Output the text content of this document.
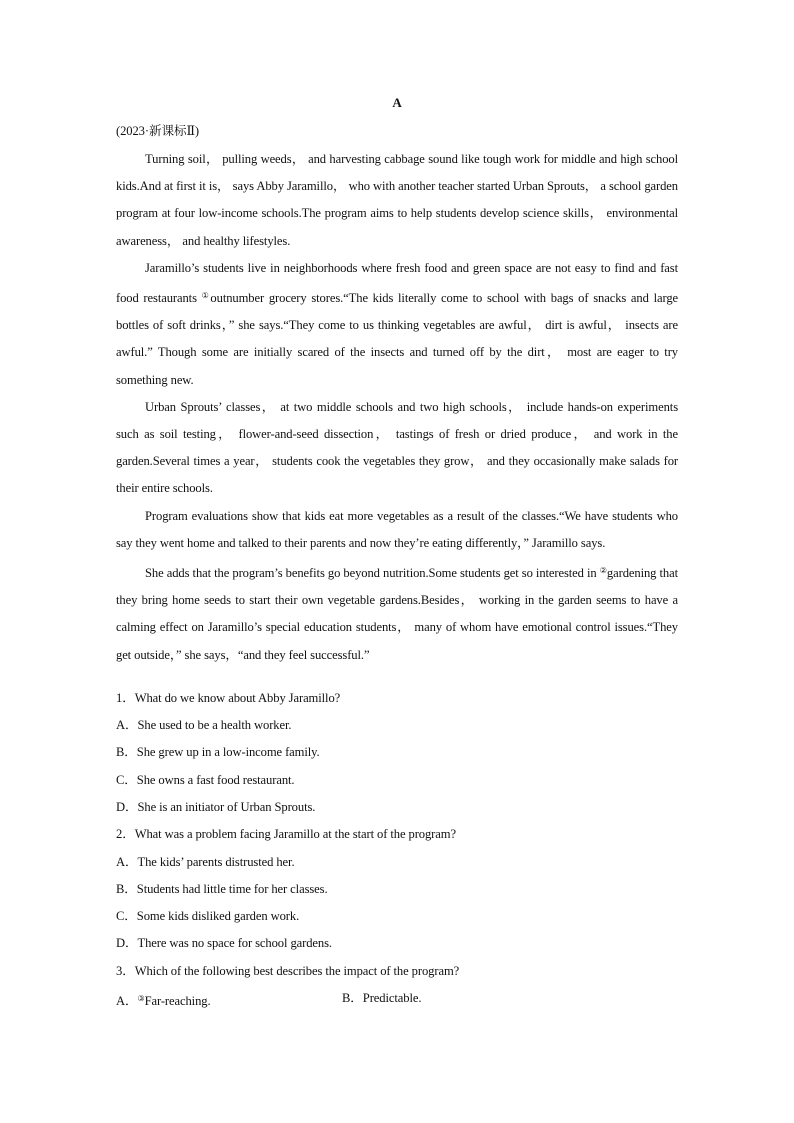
A
(2023·新课标Ⅱ)

Turning soil， pulling weeds， and harvesting cabbage sound like tough work for middle and high school kids.And at first it is， says Abby Jaramillo， who with another teacher started Urban Sprouts， a school garden program at four low-income schools.The program aims to help students develop science skills， environmental awareness， and healthy lifestyles.

Jaramillo’s students live in neighborhoods where fresh food and green space are not easy to find and fast food restaurants ①outnumber grocery stores.“The kids literally come to school with bags of snacks and large bottles of soft drinks，” she says.“They come to us thinking vegetables are awful， dirt is awful， insects are awful.” Though some are initially scared of the insects and turned off by the dirt， most are eager to try something new.

Urban Sprouts’ classes， at two middle schools and two high schools， include hands-on experiments such as soil testing， flower-and-seed dissection， tastings of fresh or dried produce， and work in the garden.Several times a year， students cook the vegetables they grow， and they occasionally make salads for their entire schools.

Program evaluations show that kids eat more vegetables as a result of the classes.“We have students who say they went home and talked to their parents and now they’re eating differently，” Jaramillo says.

She adds that the program’s benefits go beyond nutrition.Some students get so interested in ②gardening that they bring home seeds to start their own vegetable gardens.Besides， working in the garden seems to have a calming effect on Jaramillo’s special education students， many of whom have emotional control issues.“They get outside，” she says，“and they feel successful.”

1．What do we know about Abby Jaramillo?
A．She used to be a health worker.
B．She grew up in a low-income family.
C．She owns a fast food restaurant.
D．She is an initiator of Urban Sprouts.
2．What was a problem facing Jaramillo at the start of the program?
A．The kids’ parents distrusted her.
B．Students had little time for her classes.
C．Some kids disliked garden work.
D．There was no space for school gardens.
3．Which of the following best describes the impact of the program?
A．③Far-reaching.	B．Predictable.
